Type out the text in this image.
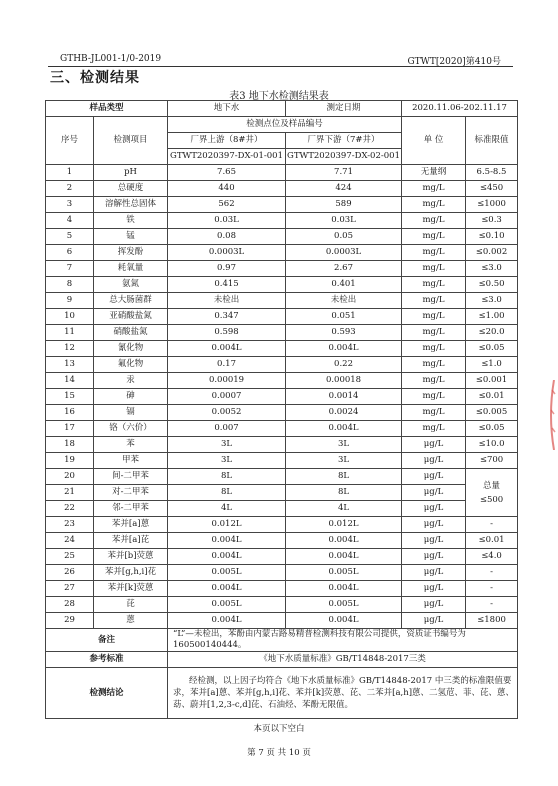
GTHB-JL001-1/0-2019	GTWT[2020]第410号
三、检测结果
表3 地下水检测结果表
样品类型		地下水	测定日期	2020.11.06-202.11.17	
序号	检测项目	检测点位及样品编号		单 位	标准限值
		厂界上游（8#井）	厂界下游（7#井）		
		GTWT2020397-DX-01-001	GTWT2020397-DX-02-001		
1	pH	7.65	7.71	无量纲	6.5-8.5
2	总硬度	440	424	mg/L	≤450
3	溶解性总固体	562	589	mg/L	≤1000
4	铁	0.03L	0.03L	mg/L	≤0.3
5	锰	0.08	0.05	mg/L	≤0.10
6	挥发酚	0.0003L	0.0003L	mg/L	≤0.002
7	耗氧量	0.97	2.67	mg/L	≤3.0
8	氨氮	0.415	0.401	mg/L	≤0.50
9	总大肠菌群	未检出	未检出	mg/L	≤3.0
10	亚硝酸盐氮	0.347	0.051	mg/L	≤1.00
11	硝酸盐氮	0.598	0.593	mg/L	≤20.0
12	氰化物	0.004L	0.004L	mg/L	≤0.05
13	氟化物	0.17	0.22	mg/L	≤1.0
14	汞	0.00019	0.00018	mg/L	≤0.001
15	砷	0.0007	0.0014	mg/L	≤0.01
16	镉	0.0052	0.0024	mg/L	≤0.005
17	铬（六价）	0.007	0.004L	mg/L	≤0.05
18	苯	3L	3L	μg/L	≤10.0
19	甲苯	3L	3L	μg/L	≤700
20	间-二甲苯	8L	8L	μg/L	总量
≤500

21	对-二甲苯	8L	8L	μg/L	
22	邻-二甲苯	4L	4L	μg/L	
23	苯并[a]蒽	0.012L	0.012L	μg/L	-
24	苯并[a]芘	0.004L	0.004L	μg/L	≤0.01
25	苯并[b]荧蒽	0.004L	0.004L	μg/L	≤4.0
26	苯并[g,h,i]花	0.005L	0.005L	μg/L	-
27	苯并[k]荧蒽	0.004L	0.004L	μg/L	-
28	芘	0.005L	0.005L	μg/L	-
29	蒽	0.004L	0.004L	μg/L	≤1800
备注		“L”—未检出，苯酚由内蒙古路易精普检测科技有限公司提供，资质证书编号为160500140444。			
参考标准		《地下水质量标准》GB/T14848-2017三类			
检测结论		经检测，以上因子均符合《地下水质量标准》GB/T14848-2017 中三类的标准限值要求，苯并[a]蒽、苯并[g,h,i]花、苯并[k]荧蒽、芘、二苯并[a,h]蒽、二氢苊、菲、芘、蒽、苭、蔚并[1,2,3-c,d]芘、石油烃、苯酚无限值。			
本页以下空白
第 7 页 共 10 页
